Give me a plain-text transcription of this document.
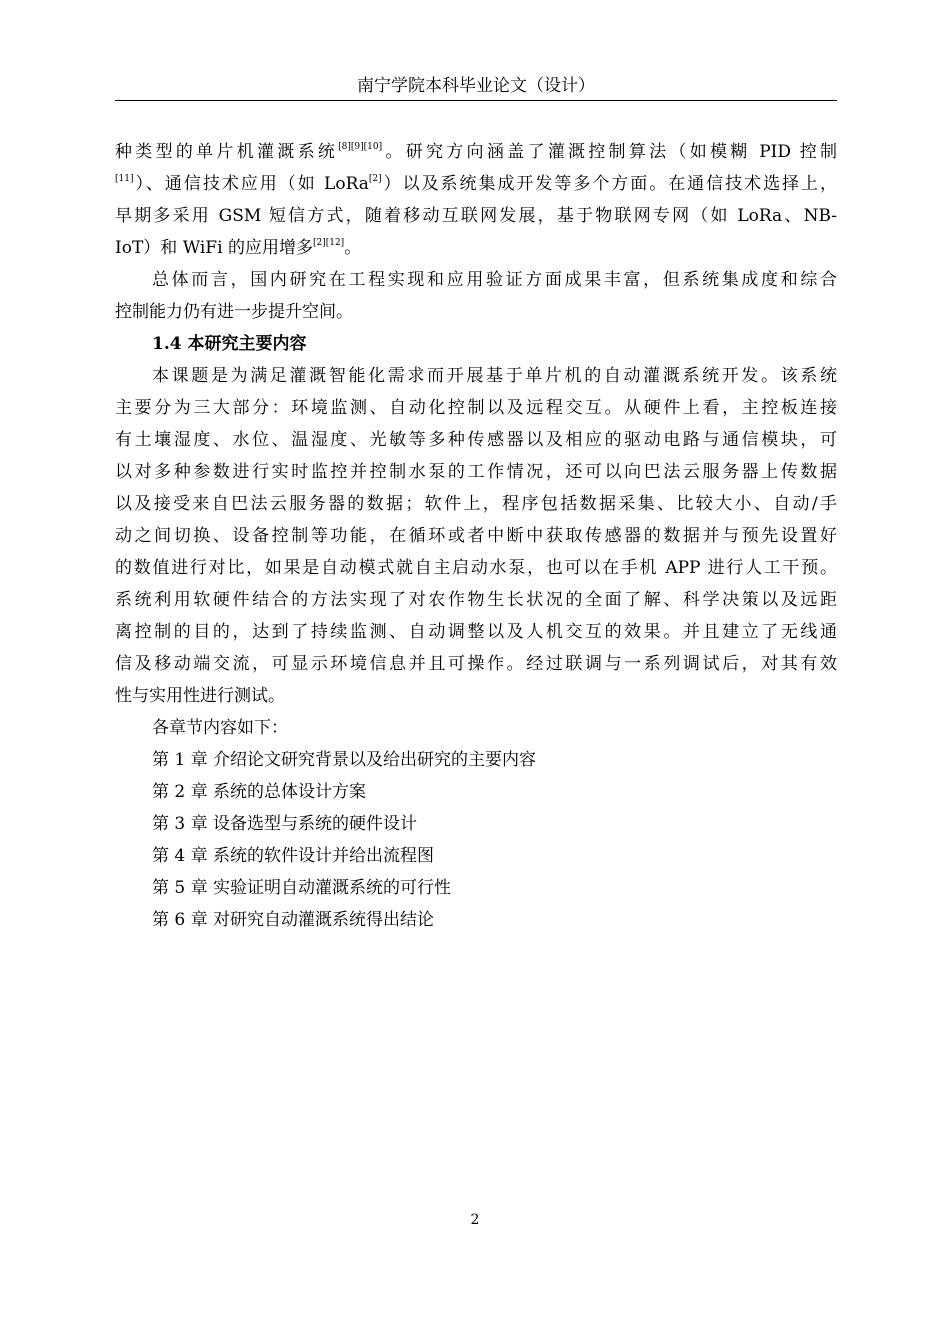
南宁学院本科毕业论文（设计）
种类型的单片机灌溉系统[8][9][10]。研究方向涵盖了灌溉控制算法（如模糊 PID 控制
[11]）、通信技术应用（如 LoRa[2]）以及系统集成开发等多个方面。在通信技术选择上，
早期多采用 GSM 短信方式，随着移动互联网发展，基于物联网专网（如 LoRa、NB-
IoT）和 WiFi 的应用增多[2][12]。
总体而言，国内研究在工程实现和应用验证方面成果丰富，但系统集成度和综合
控制能力仍有进一步提升空间。
1.4 本研究主要内容
本课题是为满足灌溉智能化需求而开展基于单片机的自动灌溉系统开发。该系统
主要分为三大部分：环境监测、自动化控制以及远程交互。从硬件上看，主控板连接
有土壤湿度、水位、温湿度、光敏等多种传感器以及相应的驱动电路与通信模块，可
以对多种参数进行实时监控并控制水泵的工作情况，还可以向巴法云服务器上传数据
以及接受来自巴法云服务器的数据；软件上，程序包括数据采集、比较大小、自动/手
动之间切换、设备控制等功能，在循环或者中断中获取传感器的数据并与预先设置好
的数值进行对比，如果是自动模式就自主启动水泵，也可以在手机 APP 进行人工干预。
系统利用软硬件结合的方法实现了对农作物生长状况的全面了解、科学决策以及远距
离控制的目的，达到了持续监测、自动调整以及人机交互的效果。并且建立了无线通
信及移动端交流，可显示环境信息并且可操作。经过联调与一系列调试后，对其有效
性与实用性进行测试。
各章节内容如下：
第 1 章 介绍论文研究背景以及给出研究的主要内容
第 2 章 系统的总体设计方案
第 3 章 设备选型与系统的硬件设计
第 4 章 系统的软件设计并给出流程图
第 5 章 实验证明自动灌溉系统的可行性
第 6 章 对研究自动灌溉系统得出结论
2
